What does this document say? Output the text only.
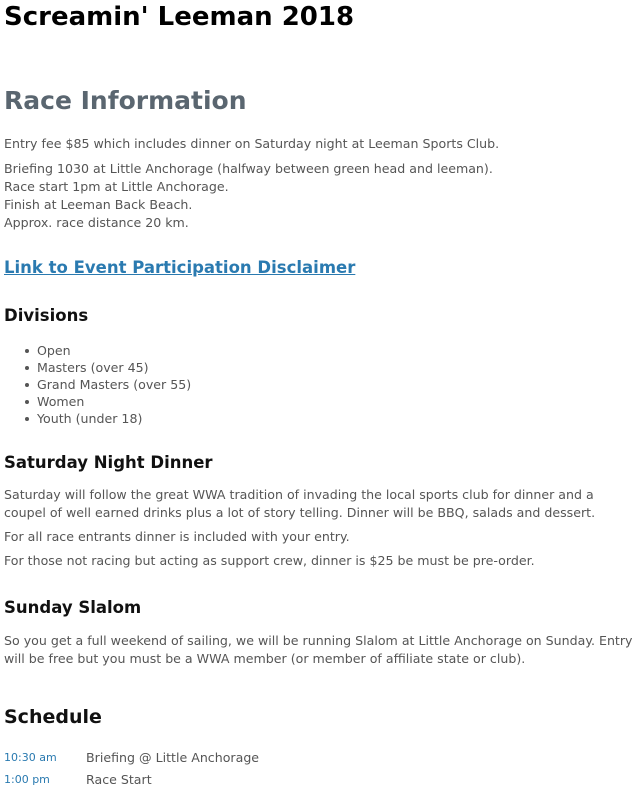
Screamin' Leeman 2018
Race Information

Entry fee $85 which includes dinner on Saturday night at Leeman Sports Club.

Briefing 1030 at Little Anchorage (halfway between green head and leeman).

Race start 1pm at Little Anchorage.

Finish at Leeman Back Beach.

Approx. race distance 20 km.

Link to Event Participation Disclaimer
Divisions
Open
Masters (over 45)
Grand Masters (over 55)
Women
Youth (under 18)
Saturday Night Dinner

Saturday will follow the great WWA tradition of invading the local sports club for dinner and a coupel of well earned drinks plus a lot of story telling. Dinner will be BBQ, salads and dessert.

For all race entrants dinner is included with your entry.

For those not racing but acting as support crew, dinner is $25 be must be pre-order.

Sunday Slalom

So you get a full weekend of sailing, we will be running Slalom at Little Anchorage on Sunday. Entry will be free but you must be a WWA member (or member of affiliate state or club).

Schedule
10:30 am Briefing @ Little Anchorage
1:00 pm	Race Start
